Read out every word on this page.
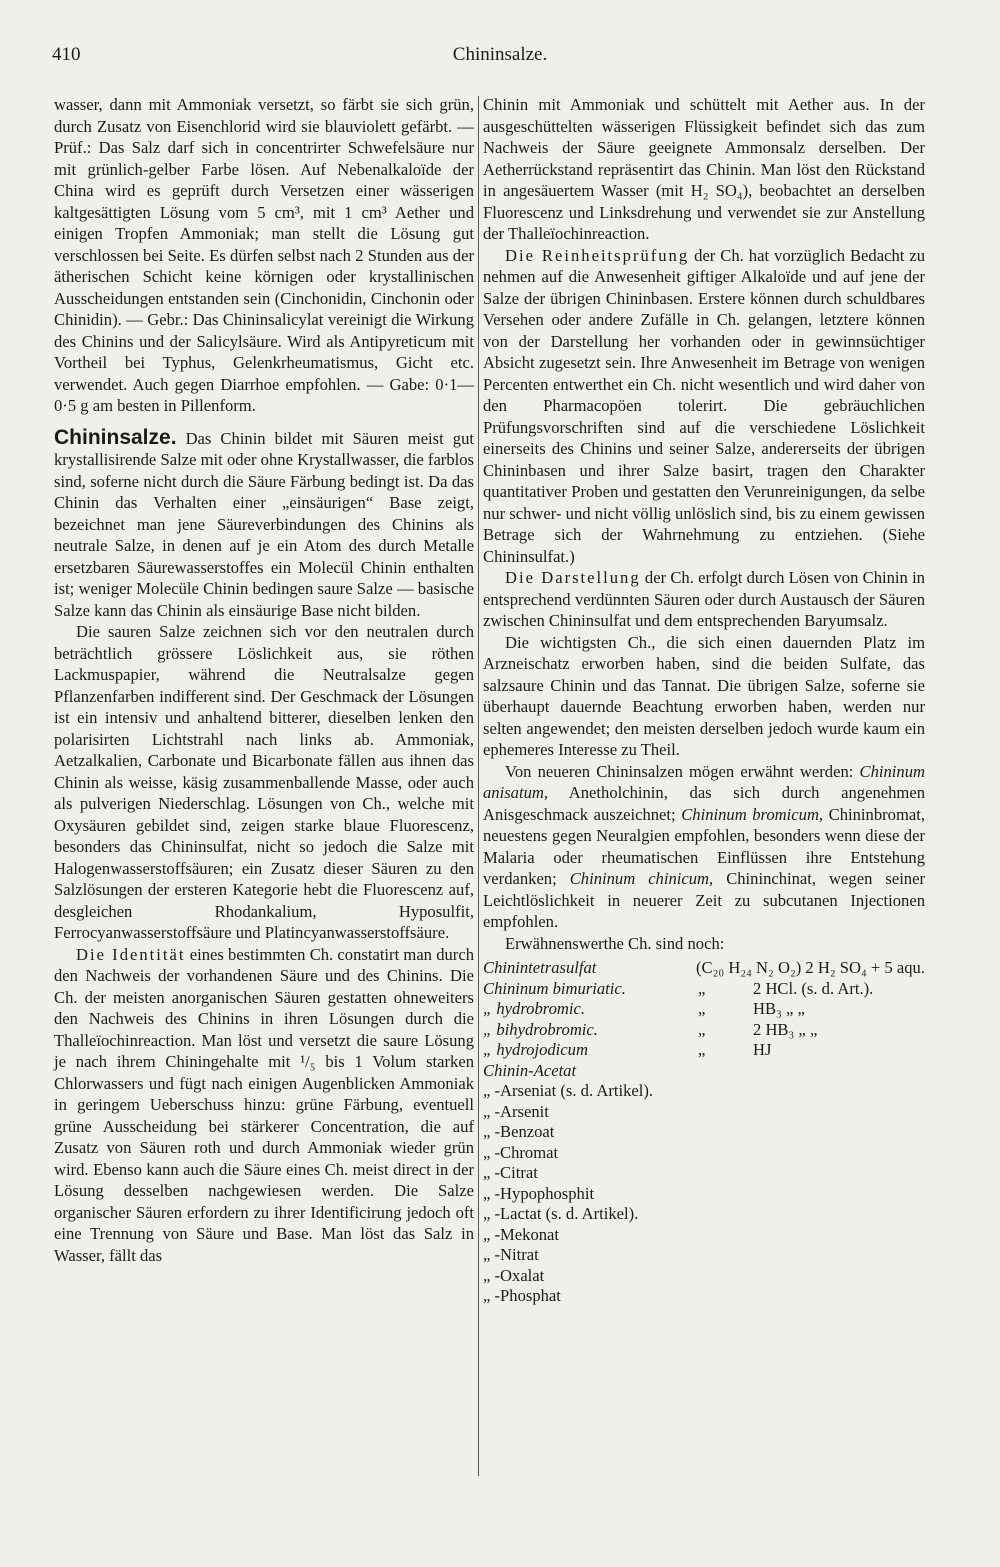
410	Chininsalze.

wasser, dann mit Ammoniak versetzt, so färbt sie sich grün, durch Zusatz von Eisenchlorid wird sie blauviolett gefärbt. — Prüf.: Das Salz darf sich in concentrirter Schwefelsäure nur mit grünlich-gelber Farbe lösen. Auf Nebenalkaloïde der China wird es geprüft durch Versetzen einer wässerigen kaltgesättigten Lösung vom 5 cm³, mit 1 cm³ Aether und einigen Tropfen Ammoniak; man stellt die Lösung gut verschlossen bei Seite. Es dürfen selbst nach 2 Stunden aus der ätherischen Schicht keine körnigen oder krystallinischen Ausscheidungen entstanden sein (Cinchonidin, Cinchonin oder Chinidin). — Gebr.: Das Chininsalicylat vereinigt die Wirkung des Chinins und der Salicylsäure. Wird als Antipyreticum mit Vortheil bei Typhus, Gelenkrheumatismus, Gicht etc. verwendet. Auch gegen Diarrhoe empfohlen. — Gabe: 0·1—0·5 g am besten in Pillenform.

Chininsalze. Das Chinin bildet mit Säuren meist gut krystallisirende Salze mit oder ohne Krystallwasser, die farblos sind, soferne nicht durch die Säure Färbung bedingt ist. Da das Chinin das Verhalten einer „einsäurigen“ Base zeigt, bezeichnet man jene Säureverbindungen des Chinins als neutrale Salze, in denen auf je ein Atom des durch Metalle ersetzbaren Säurewasserstoffes ein Molecül Chinin enthalten ist; weniger Molecüle Chinin bedingen saure Salze — basische Salze kann das Chinin als einsäurige Base nicht bilden.

Die sauren Salze zeichnen sich vor den neutralen durch beträchtlich grössere Löslichkeit aus, sie röthen Lackmuspapier, während die Neutralsalze gegen Pflanzenfarben indifferent sind. Der Geschmack der Lösungen ist ein intensiv und anhaltend bitterer, dieselben lenken den polarisirten Lichtstrahl nach links ab. Ammoniak, Aetzalkalien, Carbonate und Bicarbonate fällen aus ihnen das Chinin als weisse, käsig zusammenballende Masse, oder auch als pulverigen Niederschlag. Lösungen von Ch., welche mit Oxysäuren gebildet sind, zeigen starke blaue Fluorescenz, besonders das Chininsulfat, nicht so jedoch die Salze mit Halogenwasserstoffsäuren; ein Zusatz dieser Säuren zu den Salzlösungen der ersteren Kategorie hebt die Fluorescenz auf, desgleichen Rhodankalium, Hyposulfit, Ferrocyanwasserstoffsäure und Platincyanwasserstoffsäure.

Die Identität eines bestimmten Ch. constatirt man durch den Nachweis der vorhandenen Säure und des Chinins. Die Ch. der meisten anorganischen Säuren gestatten ohneweiters den Nachweis des Chinins in ihren Lösungen durch die Thalleïochinreaction. Man löst und versetzt die saure Lösung je nach ihrem Chiningehalte mit ¹/₅ bis 1 Volum starken Chlorwassers und fügt nach einigen Augenblicken Ammoniak in geringem Ueberschuss hinzu: grüne Färbung, eventuell grüne Ausscheidung bei stärkerer Concentration, die auf Zusatz von Säuren roth und durch Ammoniak wieder grün wird. Ebenso kann auch die Säure eines Ch. meist direct in der Lösung desselben nachgewiesen werden. Die Salze organischer Säuren erfordern zu ihrer Identificirung jedoch oft eine Trennung von Säure und Base. Man löst das Salz in Wasser, fällt das

Chinin mit Ammoniak und schüttelt mit Aether aus. In der ausgeschüttelten wässerigen Flüssigkeit befindet sich das zum Nachweis der Säure geeignete Ammonsalz derselben. Der Aetherrückstand repräsentirt das Chinin. Man löst den Rückstand in angesäuertem Wasser (mit H₂ SO₄), beobachtet an derselben Fluorescenz und Linksdrehung und verwendet sie zur Anstellung der Thalleïochinreaction.

Die Reinheitsprüfung der Ch. hat vorzüglich Bedacht zu nehmen auf die Anwesenheit giftiger Alkaloïde und auf jene der Salze der übrigen Chininbasen. Erstere können durch schuldbares Versehen oder andere Zufälle in Ch. gelangen, letztere können von der Darstellung her vorhanden oder in gewinnsüchtiger Absicht zugesetzt sein. Ihre Anwesenheit im Betrage von wenigen Percenten entwerthet ein Ch. nicht wesentlich und wird daher von den Pharmacopöen tolerirt. Die gebräuchlichen Prüfungsvorschriften sind auf die verschiedene Löslichkeit einerseits des Chinins und seiner Salze, andererseits der übrigen Chininbasen und ihrer Salze basirt, tragen den Charakter quantitativer Proben und gestatten den Verunreinigungen, da selbe nur schwer- und nicht völlig unlöslich sind, bis zu einem gewissen Betrage sich der Wahrnehmung zu entziehen. (Siehe Chininsulfat.)

Die Darstellung der Ch. erfolgt durch Lösen von Chinin in entsprechend verdünnten Säuren oder durch Austausch der Säuren zwischen Chininsulfat und dem entsprechenden Baryumsalz.

Die wichtigsten Ch., die sich einen dauernden Platz im Arzneischatz erworben haben, sind die beiden Sulfate, das salzsaure Chinin und das Tannat. Die übrigen Salze, soferne sie überhaupt dauernde Beachtung erworben haben, werden nur selten angewendet; den meisten derselben jedoch wurde kaum ein ephemeres Interesse zu Theil.

Von neueren Chininsalzen mögen erwähnt werden: Chininum anisatum, Anetholchinin, das sich durch angenehmen Anisgeschmack auszeichnet; Chininum bromicum, Chininbromat, neuestens gegen Neuralgien empfohlen, besonders wenn diese der Malaria oder rheumatischen Einflüssen ihre Entstehung verdanken; Chininum chinicum, Chininchinat, wegen seiner Leichtlöslichkeit in neuerer Zeit zu subcutanen Injectionen empfohlen.

Erwähnenswerthe Ch. sind noch:

Chinintetrasulfat	(C₂₀ H₂₄ N₂ O₂) 2 H₂ SO₄ + 5 aqu.
Chininum bimuriatic.	„	2 HCl. (s. d. Art.).
„ hydrobromic.	„	HB₃ „ „
„ bihydrobromic.	„	2 HB₃ „ „
„ hydrojodicum	„	HJ
Chinin-Acetat
„ -Arseniat (s. d. Artikel).
„ -Arsenit
„ -Benzoat
„ -Chromat
„ -Citrat
„ -Hypophosphit
„ -Lactat (s. d. Artikel).
„ -Mekonat
„ -Nitrat
„ -Oxalat
„ -Phosphat
